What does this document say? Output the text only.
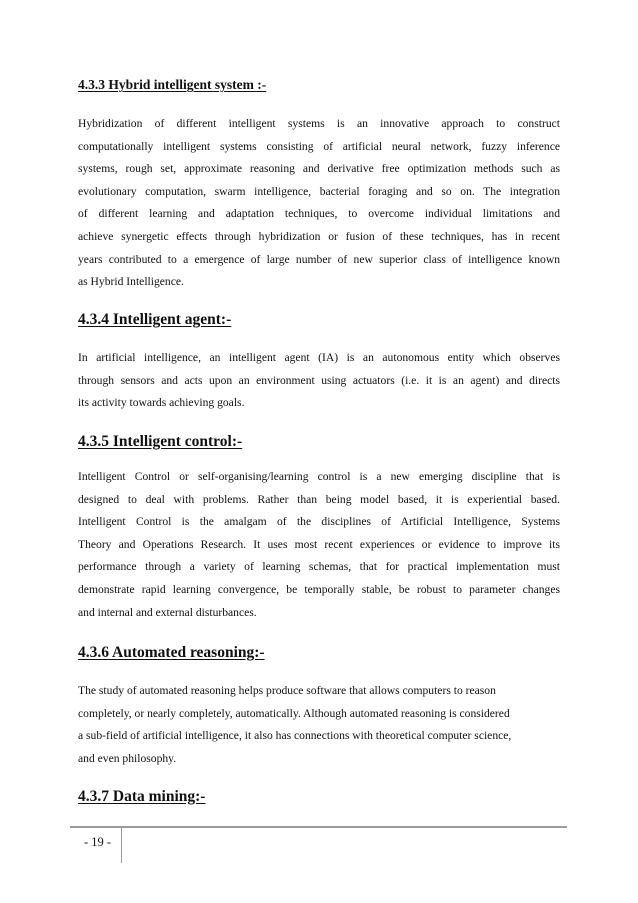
4.3.3 Hybrid intelligent system :-
Hybridization of different intelligent systems is an innovative approach to construct
computationally intelligent systems consisting of artificial neural network, fuzzy inference
systems, rough set, approximate reasoning and derivative free optimization methods such as
evolutionary computation, swarm intelligence, bacterial foraging and so on. The integration
of different learning and adaptation techniques, to overcome individual limitations and
achieve synergetic effects through hybridization or fusion of these techniques, has in recent
years contributed to a emergence of large number of new superior class of intelligence known
as Hybrid Intelligence.
4.3.4 Intelligent agent:-
In artificial intelligence, an intelligent agent (IA) is an autonomous entity which observes
through sensors and acts upon an environment using actuators (i.e. it is an agent) and directs
its activity towards achieving goals.
4.3.5 Intelligent control:-
Intelligent Control or self-organising/learning control is a new emerging discipline that is
designed to deal with problems. Rather than being model based, it is experiential based.
Intelligent Control is the amalgam of the disciplines of Artificial Intelligence, Systems
Theory and Operations Research. It uses most recent experiences or evidence to improve its
performance through a variety of learning schemas, that for practical implementation must
demonstrate rapid learning convergence, be temporally stable, be robust to parameter changes
and internal and external disturbances.
4.3.6 Automated reasoning:-
The study of automated reasoning helps produce software that allows computers to reason
completely, or nearly completely, automatically. Although automated reasoning is considered
a sub-field of artificial intelligence, it also has connections with theoretical computer science,
and even philosophy.
4.3.7 Data mining:-
- 19 -
